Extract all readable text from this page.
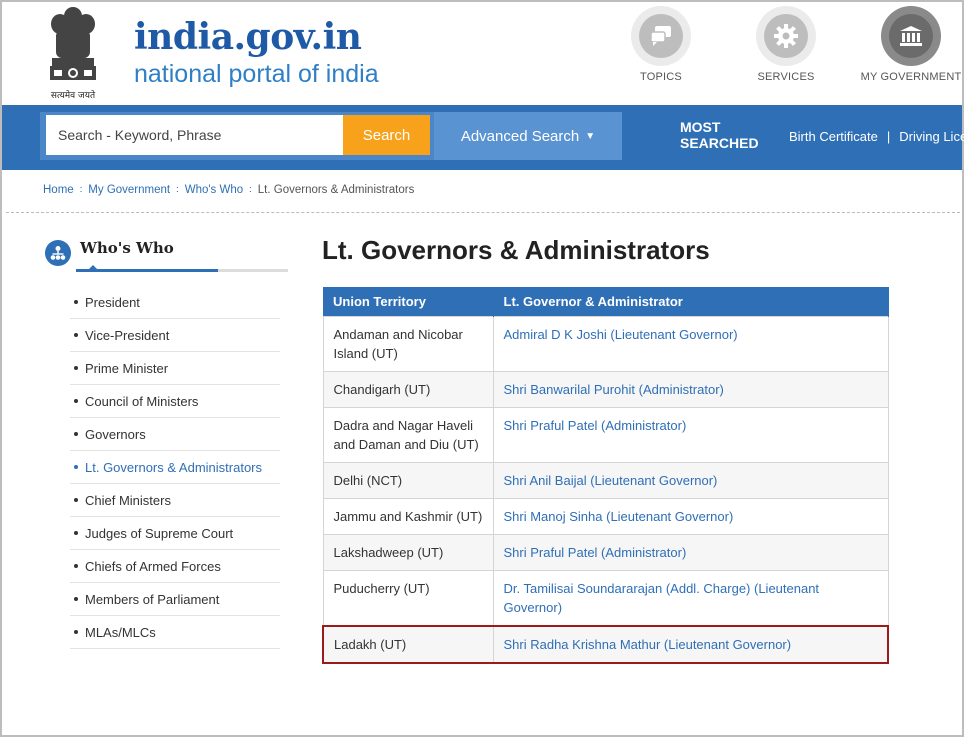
सत्यमेव जयते
india.gov.in
national portal of india	TOPICS	SERVICES	MY GOVERNMENT
Search - Keyword, Phrase
Search	Advanced Search ▼
MOST
SEARCHED Birth Certificate | Driving Licer
Home ∶ My Government ∶ Who's Who ∶ Lt. Governors & Administrators
Who's Who
President
Vice-President
Prime Minister
Council of Ministers
Governors
Lt. Governors & Administrators
Chief Ministers
Judges of Supreme Court
Chiefs of Armed Forces
Members of Parliament
MLAs/MLCs
Lt. Governors & Administrators
Union Territory	Lt. Governor & Administrator
Andaman and Nicobar Island (UT)	Admiral D K Joshi (Lieutenant Governor)
Chandigarh (UT)	Shri Banwarilal Purohit (Administrator)
Dadra and Nagar Haveli and Daman and Diu (UT)	Shri Praful Patel (Administrator)
Delhi (NCT)	Shri Anil Baijal (Lieutenant Governor)
Jammu and Kashmir (UT)	Shri Manoj Sinha (Lieutenant Governor)
Lakshadweep (UT)	Shri Praful Patel (Administrator)
Puducherry (UT)	Dr. Tamilisai Soundararajan (Addl. Charge) (Lieutenant Governor)
Ladakh (UT)	Shri Radha Krishna Mathur (Lieutenant Governor)
